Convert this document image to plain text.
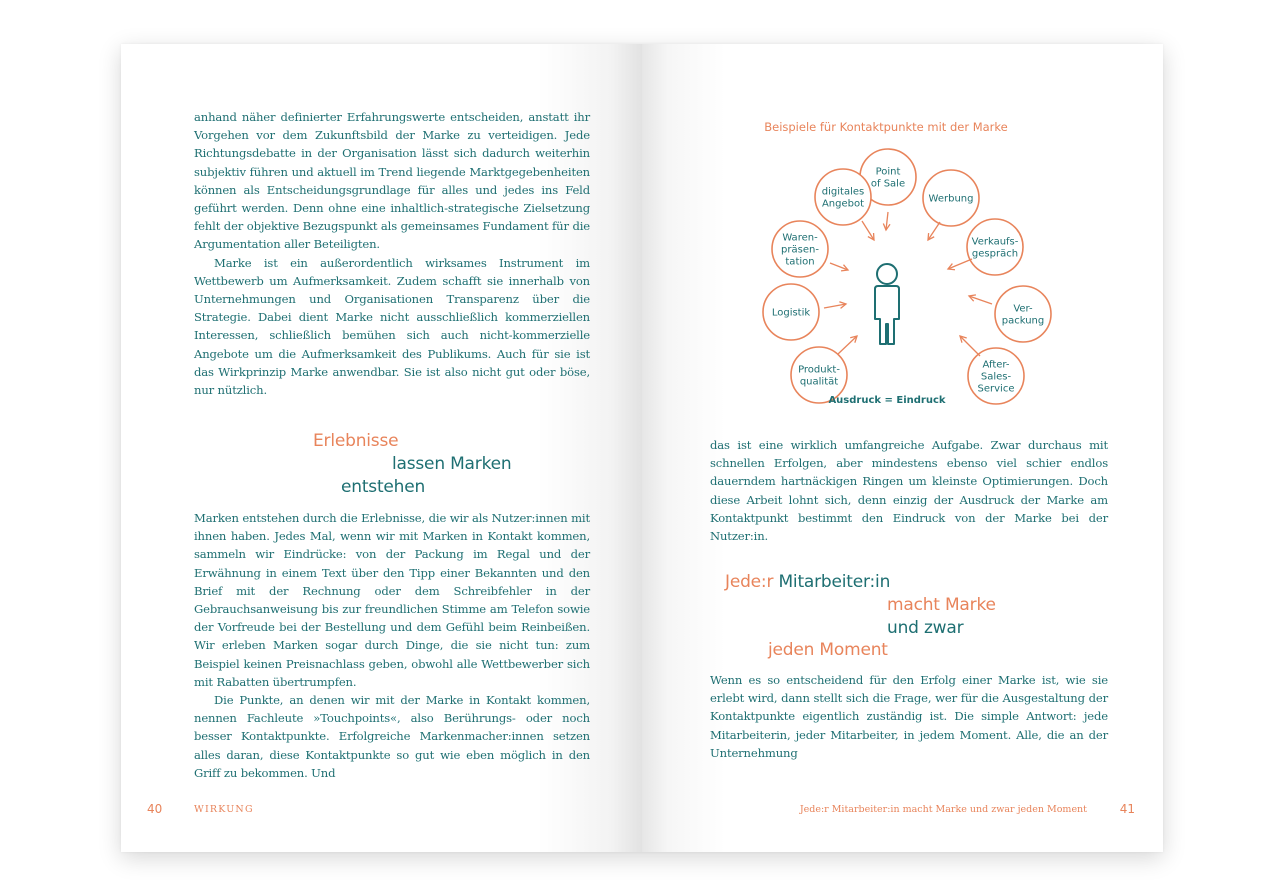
anhand näher definierter Erfahrungswerte entscheiden, anstatt ihr Vorgehen vor dem Zukunftsbild der Marke zu verteidigen. Jede Richtungsdebatte in der Organisation lässt sich dadurch weiterhin subjektiv führen und aktuell im Trend liegende Marktgegebenheiten können als Entscheidungsgrundlage für alles und jedes ins Feld geführt werden. Denn ohne eine inhaltlich-strategische Zielsetzung fehlt der objektive Bezugspunkt als gemeinsames Fundament für die Argumentation aller Beteiligten.

Marke ist ein außerordentlich wirksames Instrument im Wettbewerb um Aufmerksamkeit. Zudem schafft sie innerhalb von Unternehmungen und Organisationen Transparenz über die Strategie. Dabei dient Marke nicht ausschließlich kommerziellen Interessen, schließlich bemühen sich auch nicht-kommerzielle Angebote um die Aufmerksamkeit des Publikums. Auch für sie ist das Wirkprinzip Marke anwendbar. Sie ist also nicht gut oder böse, nur nützlich.

Erlebnisse
lassen Marken
entstehen

Marken entstehen durch die Erlebnisse, die wir als Nutzer:innen mit ihnen haben. Jedes Mal, wenn wir mit Marken in Kontakt kommen, sammeln wir Eindrücke: von der Packung im Regal und der Erwähnung in einem Text über den Tipp einer Bekannten und den Brief mit der Rechnung oder dem Schreibfehler in der Gebrauchsanweisung bis zur freundlichen Stimme am Telefon sowie der Vorfreude bei der Bestellung und dem Gefühl beim Reinbeißen. Wir erleben Marken sogar durch Dinge, die sie nicht tun: zum Beispiel keinen Preisnachlass geben, obwohl alle Wettbewerber sich mit Rabatten übertrumpfen.

Die Punkte, an denen wir mit der Marke in Kontakt kommen, nennen Fachleute »Touchpoints«, also Berührungs- oder noch besser Kontaktpunkte. Erfolgreiche Markenmacher:innen setzen alles daran, diese Kontaktpunkte so gut wie eben möglich in den Griff zu bekommen. Und

40	WIRKUNG
Beispiele für Kontaktpunkte mit der Marke
Point
of Sale
Werbung
Verkaufs-
gespräch
Ver-
packung
After-
Sales-
Service
Produkt-
qualität
Logistik
Waren-
präsen-
tation
digitales
Angebot
Ausdruck = Eindruck

das ist eine wirklich umfangreiche Aufgabe. Zwar durchaus mit schnellen Erfolgen, aber mindestens ebenso viel schier endlos dauerndem hartnäckigen Ringen um kleinste Optimierungen. Doch diese Arbeit lohnt sich, denn einzig der Ausdruck der Marke am Kontaktpunkt bestimmt den Eindruck von der Marke bei der Nutzer:in.

Jede:r Mitarbeiter:in
macht Marke
und zwar
jeden Moment

Wenn es so entscheidend für den Erfolg einer Marke ist, wie sie erlebt wird, dann stellt sich die Frage, wer für die Ausgestaltung der Kontaktpunkte eigentlich zuständig ist. Die simple Antwort: jede Mitarbeiterin, jeder Mitarbeiter, in jedem Moment. Alle, die an der Unternehmung

Jede:r Mitarbeiter:in macht Marke und zwar jeden Moment	41
